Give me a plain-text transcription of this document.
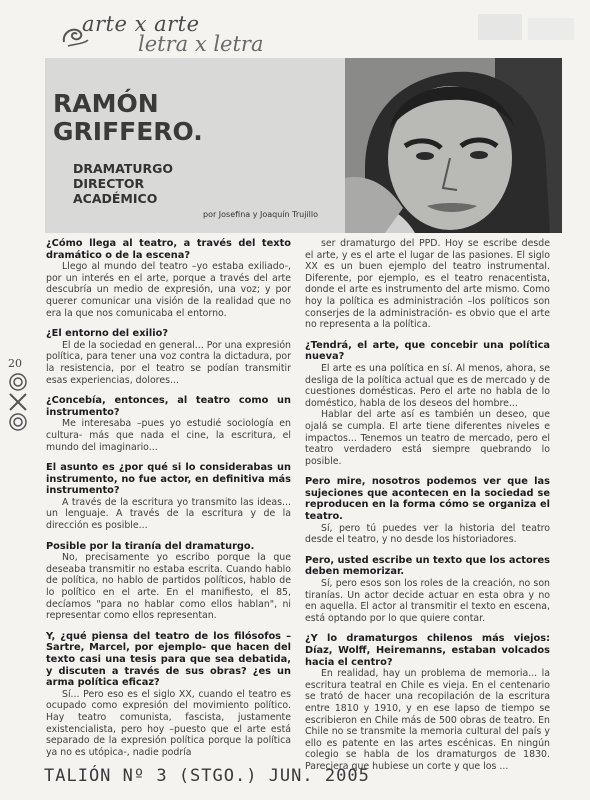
arte x arte
letra x letra
RAMÓN
GRIFFERO.
DRAMATURGO
DIRECTOR
ACADÉMICO
por Josefina y Joaquín Trujillo
20

¿Cómo llega al teatro, a través del texto dramático o de la escena?

Llego al mundo del teatro –yo estaba exiliado-, por un interés en el arte, porque a través del arte descubría un medio de expresión, una voz; y por querer comunicar una visión de la realidad que no era la que nos comunicaba el entorno.

¿El entorno del exilio?

El de la sociedad en general... Por una expresión política, para tener una voz contra la dictadura, por la resistencia, por el teatro se podían transmitir esas experiencias, dolores...

¿Concebía, entonces, al teatro como un instrumento?

Me interesaba –pues yo estudié sociología en cultura- más que nada el cine, la escritura, el mundo del imaginario...

El asunto es ¿por qué si lo considerabas un instrumento, no fue actor, en definitiva más instrumento?

A través de la escritura yo transmito las ideas... un lenguaje. A través de la escritura y de la dirección es posible...

Posible por la tiranía del dramaturgo.

No, precisamente yo escribo porque la que deseaba transmitir no estaba escrita. Cuando hablo de política, no hablo de partidos políticos, hablo de lo político en el arte. En el manifiesto, el 85, decíamos "para no hablar como ellos hablan", ni representar como ellos representan.

Y, ¿qué piensa del teatro de los filósofos –Sartre, Marcel, por ejemplo- que hacen del texto casi una tesis para que sea debatida, y discuten a través de sus obras? ¿es un arma política eficaz?

Sí... Pero eso es el siglo XX, cuando el teatro es ocupado como expresión del movimiento político. Hay teatro comunista, fascista, justamente existencialista, pero hoy –puesto que el arte está separado de la expresión política porque la política ya no es utópica-, nadie podría

ser dramaturgo del PPD. Hoy se escribe desde el arte, y es el arte el lugar de las pasiones. El siglo XX es un buen ejemplo del teatro instrumental. Diferente, por ejemplo, es el teatro renacentista, donde el arte es instrumento del arte mismo. Como hoy la política es administración –los políticos son conserjes de la administración- es obvio que el arte no representa a la política.

¿Tendrá, el arte, que concebir una política nueva?

El arte es una política en sí. Al menos, ahora, se desliga de la política actual que es de mercado y de cuestiones domésticas. Pero el arte no habla de lo doméstico, habla de los deseos del hombre...

Hablar del arte así es también un deseo, que ojalá se cumpla. El arte tiene diferentes niveles e impactos... Tenemos un teatro de mercado, pero el teatro verdadero está siempre quebrando lo posible.

Pero mire, nosotros podemos ver que las sujeciones que acontecen en la sociedad se reproducen en la forma cómo se organiza el teatro.

Sí, pero tú puedes ver la historia del teatro desde el teatro, y no desde los historiadores.

Pero, usted escribe un texto que los actores deben memorizar.

Sí, pero esos son los roles de la creación, no son tiranías. Un actor decide actuar en esta obra y no en aquella. El actor al transmitir el texto en escena, está optando por lo que quiere contar.

¿Y lo dramaturgos chilenos más viejos: Díaz, Wolff, Heiremanns, estaban volcados hacia el centro?

En realidad, hay un problema de memoria... la escritura teatral en Chile es vieja. En el centenario se trató de hacer una recopilación de la escritura entre 1810 y 1910, y en ese lapso de tiempo se escribieron en Chile más de 500 obras de teatro. En Chile no se transmite la memoria cultural del país y ello es patente en las artes escénicas. En ningún colegio se habla de los dramaturgos de 1830. Pareciera que hubiese un corte y que los ...

TALIÓN Nº 3 (STGO.) JUN. 2005
